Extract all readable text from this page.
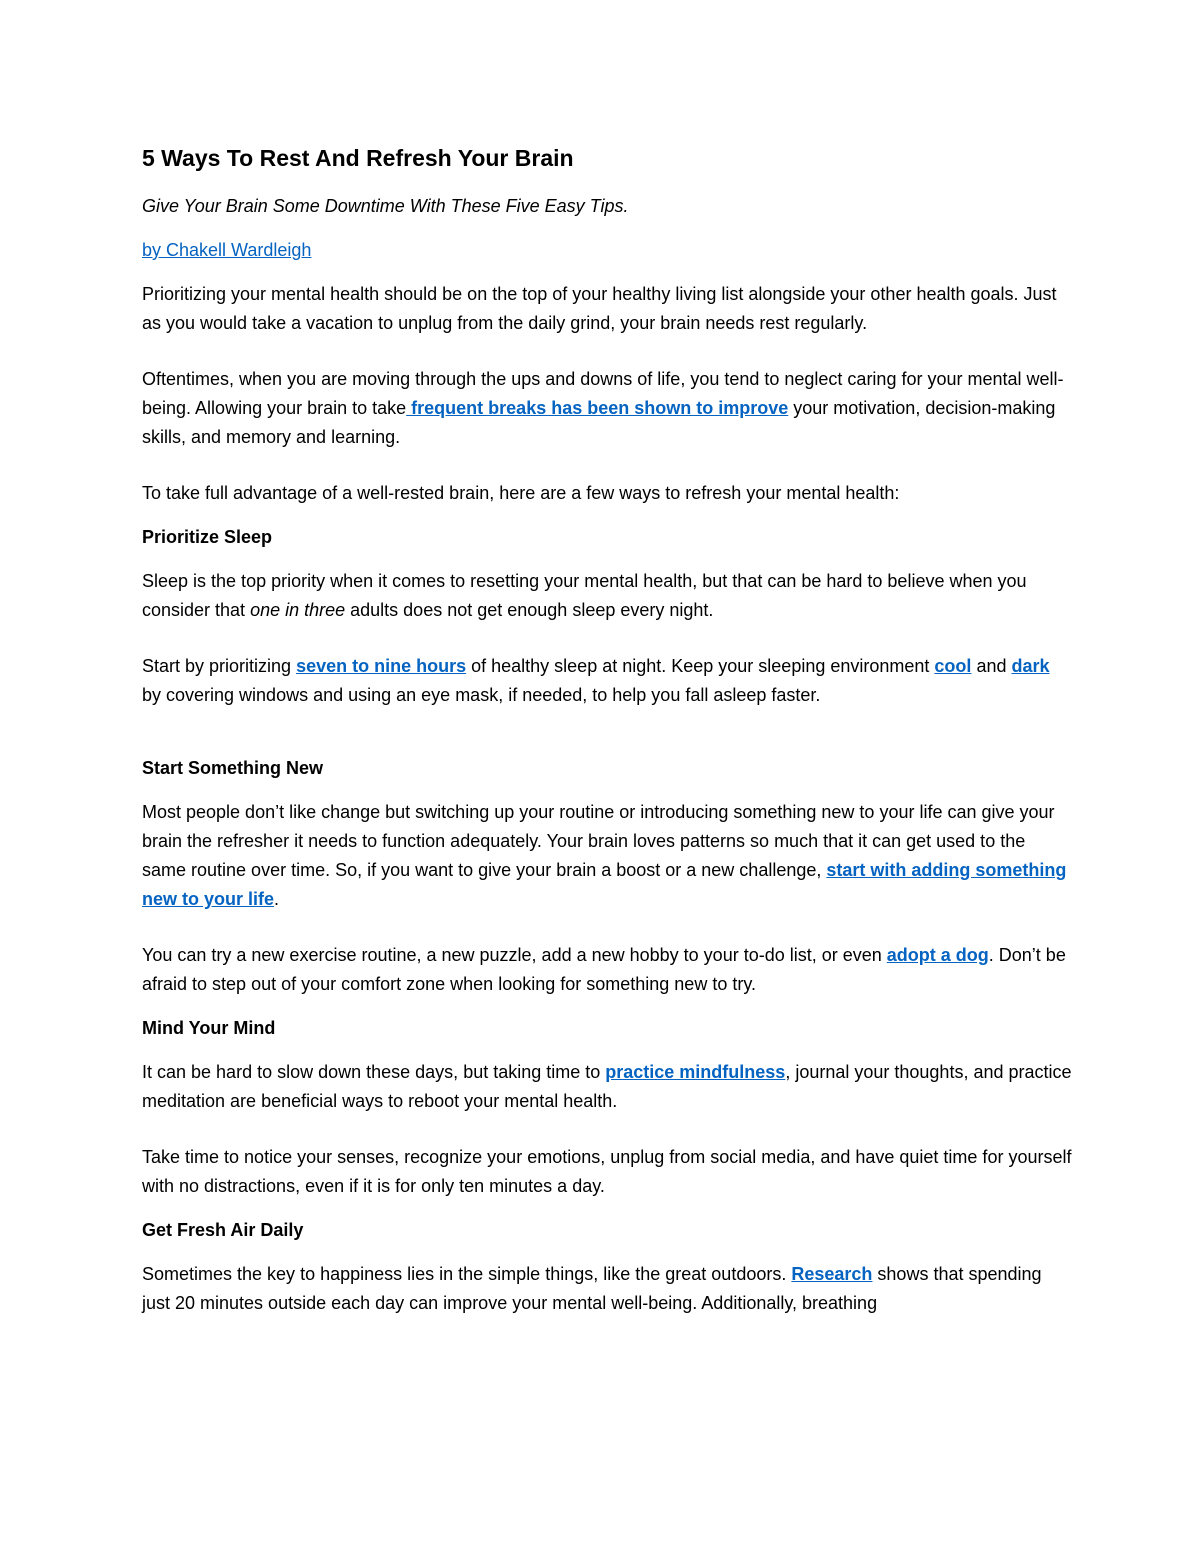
5 Ways To Rest And Refresh Your Brain

Give Your Brain Some Downtime With These Five Easy Tips.

by Chakell Wardleigh

Prioritizing your mental health should be on the top of your healthy living list alongside your other health goals. Just as you would take a vacation to unplug from the daily grind, your brain needs rest regularly.

Oftentimes, when you are moving through the ups and downs of life, you tend to neglect caring for your mental well-being. Allowing your brain to take frequent breaks has been shown to improve your motivation, decision-making skills, and memory and learning.

To take full advantage of a well-rested brain, here are a few ways to refresh your mental health:

Prioritize Sleep

Sleep is the top priority when it comes to resetting your mental health, but that can be hard to believe when you consider that one in three adults does not get enough sleep every night.

Start by prioritizing seven to nine hours of healthy sleep at night. Keep your sleeping environment cool and dark by covering windows and using an eye mask, if needed, to help you fall asleep faster.

Start Something New

Most people don’t like change but switching up your routine or introducing something new to your life can give your brain the refresher it needs to function adequately. Your brain loves patterns so much that it can get used to the same routine over time. So, if you want to give your brain a boost or a new challenge, start with adding something new to your life.

You can try a new exercise routine, a new puzzle, add a new hobby to your to-do list, or even adopt a dog. Don’t be afraid to step out of your comfort zone when looking for something new to try.

Mind Your Mind

It can be hard to slow down these days, but taking time to practice mindfulness, journal your thoughts, and practice meditation are beneficial ways to reboot your mental health.

Take time to notice your senses, recognize your emotions, unplug from social media, and have quiet time for yourself with no distractions, even if it is for only ten minutes a day.

Get Fresh Air Daily

Sometimes the key to happiness lies in the simple things, like the great outdoors. Research shows that spending just 20 minutes outside each day can improve your mental well-being. Additionally, breathing
